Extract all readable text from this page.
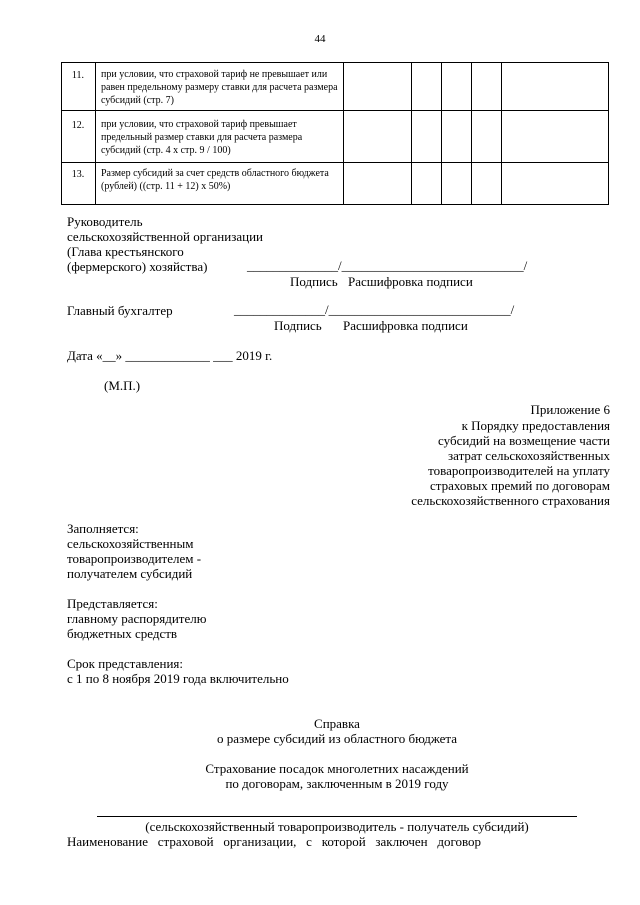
44
11.	при условии, что страховой тариф не превышает или равен предельному размеру ставки для расчета размера субсидий (стр. 7)
12.	при условии, что страховой тариф превышает предельный размер ставки для расчета размера субсидий (стр. 4 x стр. 9 / 100)
13.	Размер субсидий за счет средств областного бюджета (рублей) ((стр. 11 + 12) x 50%)
Руководитель
сельскохозяйственной организации
(Глава крестьянского
(фермерского) хозяйства)	______________/____________________________/
Подпись Расшифровка подписи
Главный бухгалтер	______________/____________________________/
Подпись Расшифровка подписи
Дата «__» _____________ ___ 2019 г.
(М.П.)
Приложение 6
к Порядку предоставления
субсидий на возмещение части
затрат сельскохозяйственных
товаропроизводителей на уплату
страховых премий по договорам
сельскохозяйственного страхования
Заполняется:
сельскохозяйственным
товаропроизводителем -
получателем субсидий
Представляется:
главному распорядителю
бюджетных средств
Срок представления:
с 1 по 8 ноября 2019 года включительно
Справка
о размере субсидий из областного бюджета
Страхование посадок многолетних насаждений
по договорам, заключенным в 2019 году
(сельскохозяйственный товаропроизводитель - получатель субсидий)
Наименование   страховой   организации,   с   которой   заключен   договор
